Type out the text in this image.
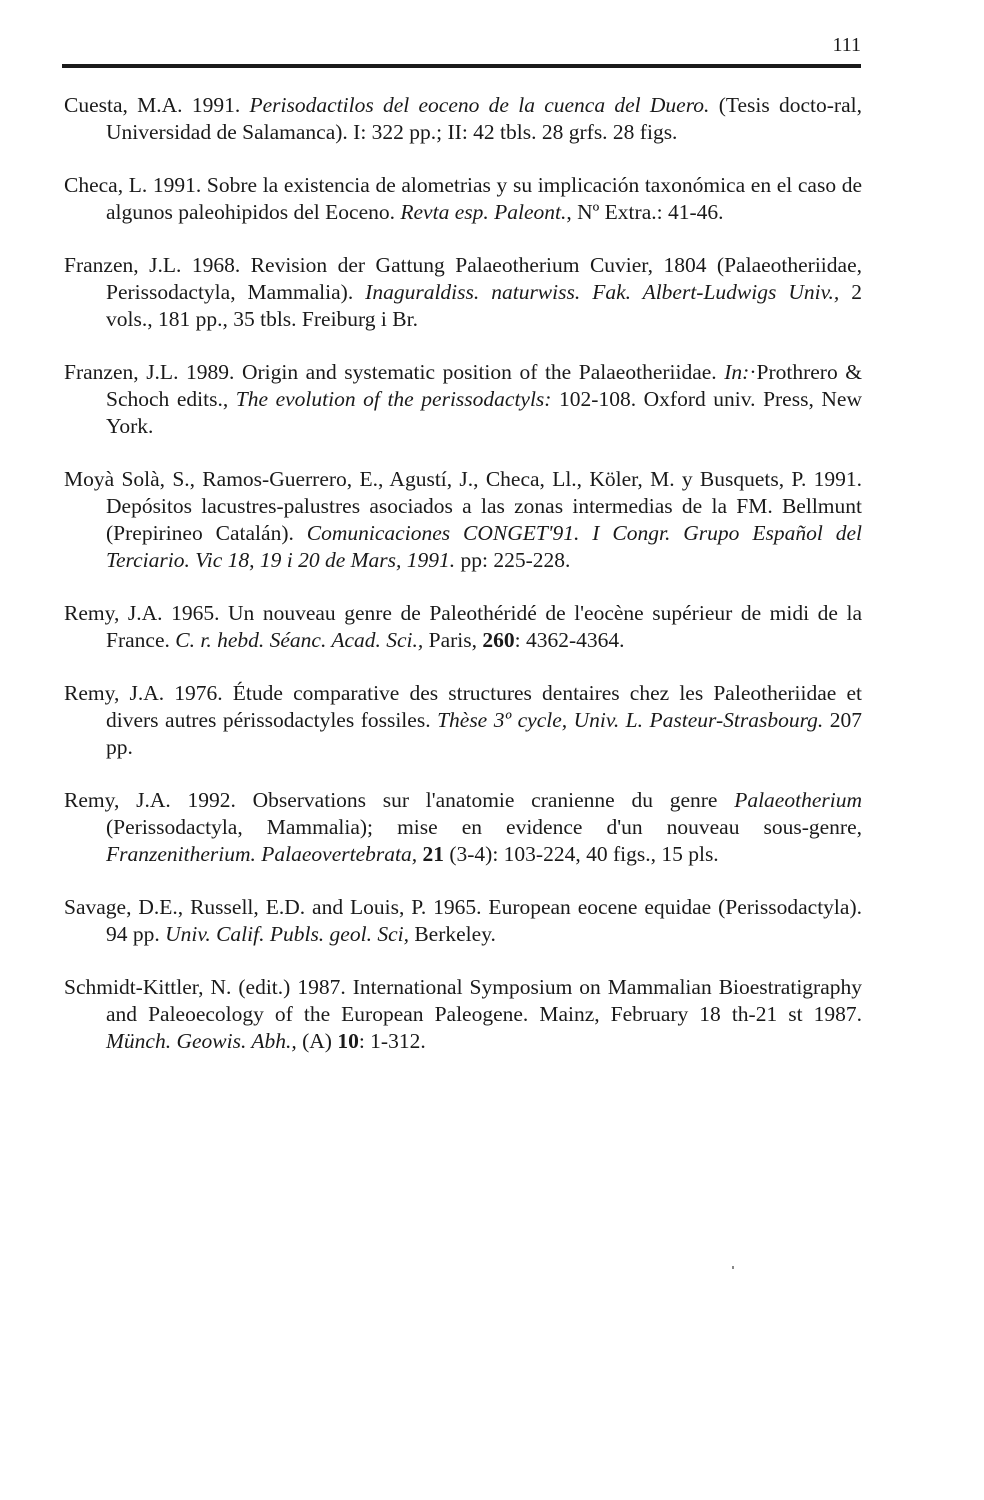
111
Cuesta, M.A. 1991. Perisodactilos del eoceno de la cuenca del Duero. (Tesis docto-ral, Universidad de Salamanca). I: 322 pp.; II: 42 tbls. 28 grfs. 28 figs.
Checa, L. 1991. Sobre la existencia de alometrias y su implicación taxonómica en el caso de algunos paleohipidos del Eoceno. Revta esp. Paleont., Nº Extra.: 41-46.
Franzen, J.L. 1968. Revision der Gattung Palaeotherium Cuvier, 1804 (Palaeotheriidae, Perissodactyla, Mammalia). Inaguraldiss. naturwiss. Fak. Albert-Ludwigs Univ., 2 vols., 181 pp., 35 tbls. Freiburg i Br.
Franzen, J.L. 1989. Origin and systematic position of the Palaeotheriidae. In:·Prothrero & Schoch edits., The evolution of the perissodactyls: 102-108. Oxford univ. Press, New York.
Moyà Solà, S., Ramos-Guerrero, E., Agustí, J., Checa, Ll., Köler, M. y Busquets, P. 1991. Depósitos lacustres-palustres asociados a las zonas intermedias de la FM. Bellmunt (Prepirineo Catalán). Comunicaciones CONGET'91. I Congr. Grupo Español del Terciario. Vic 18, 19 i 20 de Mars, 1991. pp: 225-228.
Remy, J.A. 1965. Un nouveau genre de Paleothéridé de l'eocène supérieur de midi de la France. C. r. hebd. Séanc. Acad. Sci., Paris, 260: 4362-4364.
Remy, J.A. 1976. Étude comparative des structures dentaires chez les Paleotheriidae et divers autres périssodactyles fossiles. Thèse 3º cycle, Univ. L. Pasteur-Strasbourg. 207 pp.
Remy, J.A. 1992. Observations sur l'anatomie cranienne du genre Palaeotherium (Perissodactyla, Mammalia); mise en evidence d'un nouveau sous-genre, Franzenitherium. Palaeovertebrata, 21 (3-4): 103-224, 40 figs., 15 pls.
Savage, D.E., Russell, E.D. and Louis, P. 1965. European eocene equidae (Perissodactyla). 94 pp. Univ. Calif. Publs. geol. Sci, Berkeley.
Schmidt-Kittler, N. (edit.) 1987. International Symposium on Mammalian Bioestratigraphy and Paleoecology of the European Paleogene. Mainz, February 18 th-21 st 1987. Münch. Geowis. Abh., (A) 10: 1-312.
